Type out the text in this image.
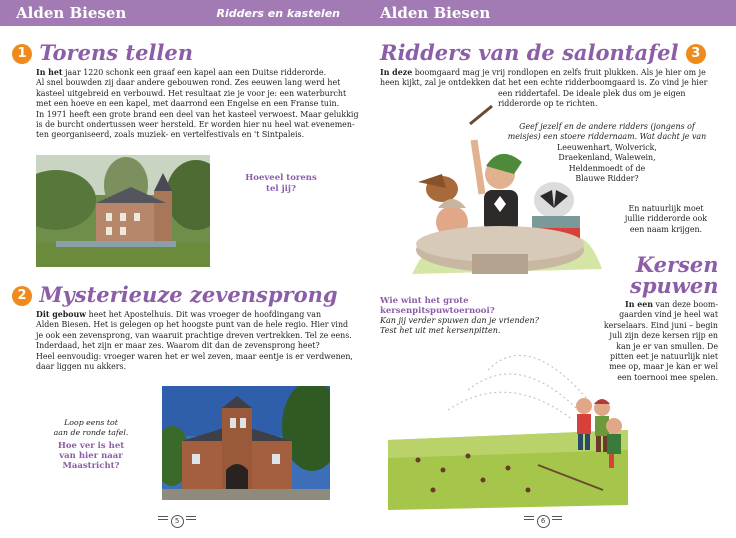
Alden Biesen	Ridders en kastelen
1 Torens tellen
In het jaar 1220 schonk een graaf een kapel aan een Duitse ridderorde.
Al snel bouwden zij daar andere gebouwen rond. Zes eeuwen lang werd het
kasteel uitgebreid en verbouwd. Het resultaat zie je voor je: een waterburcht
met een hoeve en een kapel, met daarrond een Engelse en een Franse tuin.
In 1971 heeft een grote brand een deel van het kasteel verwoest. Maar gelukkig
is de burcht ondertussen weer hersteld. Er worden hier nu heel wat evenemen-
ten georganiseerd, zoals muziek- en vertelfestivals en 't Sintpaleis.
Hoeveel torens
tel jij?
2 Mysterieuze zevensprong
Dit gebouw heet het Apostelhuis. Dit was vroeger de hoofdingang van
Alden Biesen. Het is gelegen op het hoogste punt van de hele regio. Hier vind
je ook een zevensprong, van waaruit prachtige dreven vertrekken. Tel ze eens.
Inderdaad, het zijn er maar zes. Waarom dit dan de zevensprong heet?
Heel eenvoudig: vroeger waren het er wel zeven, maar eentje is er verdwenen,
daar liggen nu akkers.
Loop eens tot
aan de ronde tafel.
Hoe ver is het
van hier naar
Maastricht?
5
Alden Biesen
Ridders van de salontafel 3
In deze boomgaard mag je vrij rondlopen en zelfs fruit plukken. Als je hier om je
heen kijkt, zal je ontdekken dat het een echte ridderboomgaard is. Zo vind je hier
een riddertafel. De ideale plek dus om je eigen
ridderorde op te richten.
Geef jezelf en de andere ridders (jongens of
meisjes) een stoere riddernaam. Wat dacht je van
Leeuwenhart, Wolverick,
Draekenland, Walewein,
Heldenmoedt of de
Blauwe Ridder?
En natuurlijk moet
jullie ridderorde ook
een naam krijgen.
Kersen
spuwen
In een van deze boom-
gaarden vind je heel wat
kerselaars. Eind juni – begin
juli zijn deze kersen rijp en
kan je er van smullen. De
pitten eet je natuurlijk niet
mee op, maar je kan er wel
een toernooi mee spelen.
Wie wint het grote
kersenpitspuwtoernooi?
Kan jij verder spuwen dan je vrienden?
Test het uit met kersenpitten.
6
